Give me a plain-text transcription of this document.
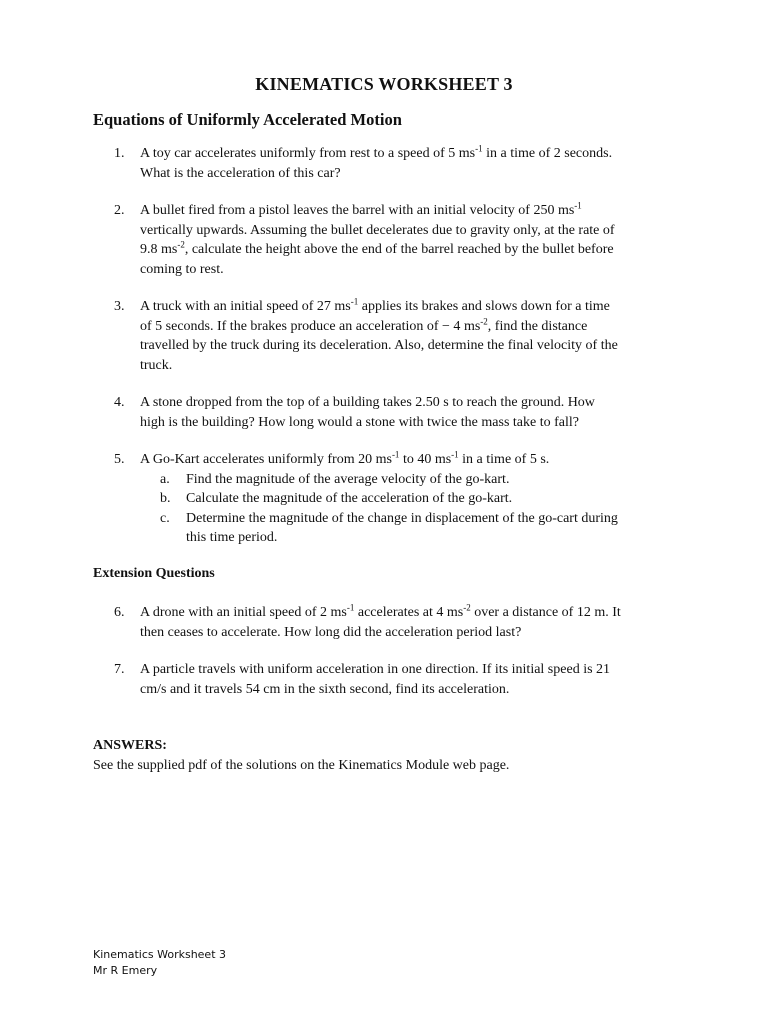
KINEMATICS WORKSHEET 3
Equations of Uniformly Accelerated Motion
1.	A toy car accelerates uniformly from rest to a speed of 5 $ms^{-1}$ in a time of 2 seconds.
What is the acceleration of this car?
2.	A bullet fired from a pistol leaves the barrel with an initial velocity of 250 $ms^{-1}$
vertically upwards. Assuming the bullet decelerates due to gravity only, at the rate of
9.8 $ms^{-2}$, calculate the height above the end of the barrel reached by the bullet before
coming to rest.
3.	A truck with an initial speed of 27 $ms^{-1}$ applies its brakes and slows down for a time
of 5 seconds. If the brakes produce an acceleration of − 4 $ms^{-2}$, find the distance
travelled by the truck during its deceleration. Also, determine the final velocity of the
truck.
4.	A stone dropped from the top of a building takes 2.50 s to reach the ground. How
high is the building? How long would a stone with twice the mass take to fall?
5.	A Go-Kart accelerates uniformly from 20 $ms^{-1}$ to 40 $ms^{-1}$ in a time of 5 s.
a. Find the magnitude of the average velocity of the go-kart.
b. Calculate the magnitude of the acceleration of the go-kart.
c. Determine the magnitude of the change in displacement of the go-cart during
this time period.
Extension Questions
6.	A drone with an initial speed of 2 $ms^{-1}$ accelerates at 4 $ms^{-2}$ over a distance of 12 m. It
then ceases to accelerate. How long did the acceleration period last?
7.	A particle travels with uniform acceleration in one direction. If its initial speed is 21
cm/s and it travels 54 cm in the sixth second, find its acceleration.
ANSWERS:
See the supplied pdf of the solutions on the Kinematics Module web page.
Kinematics Worksheet 3
Mr R Emery
